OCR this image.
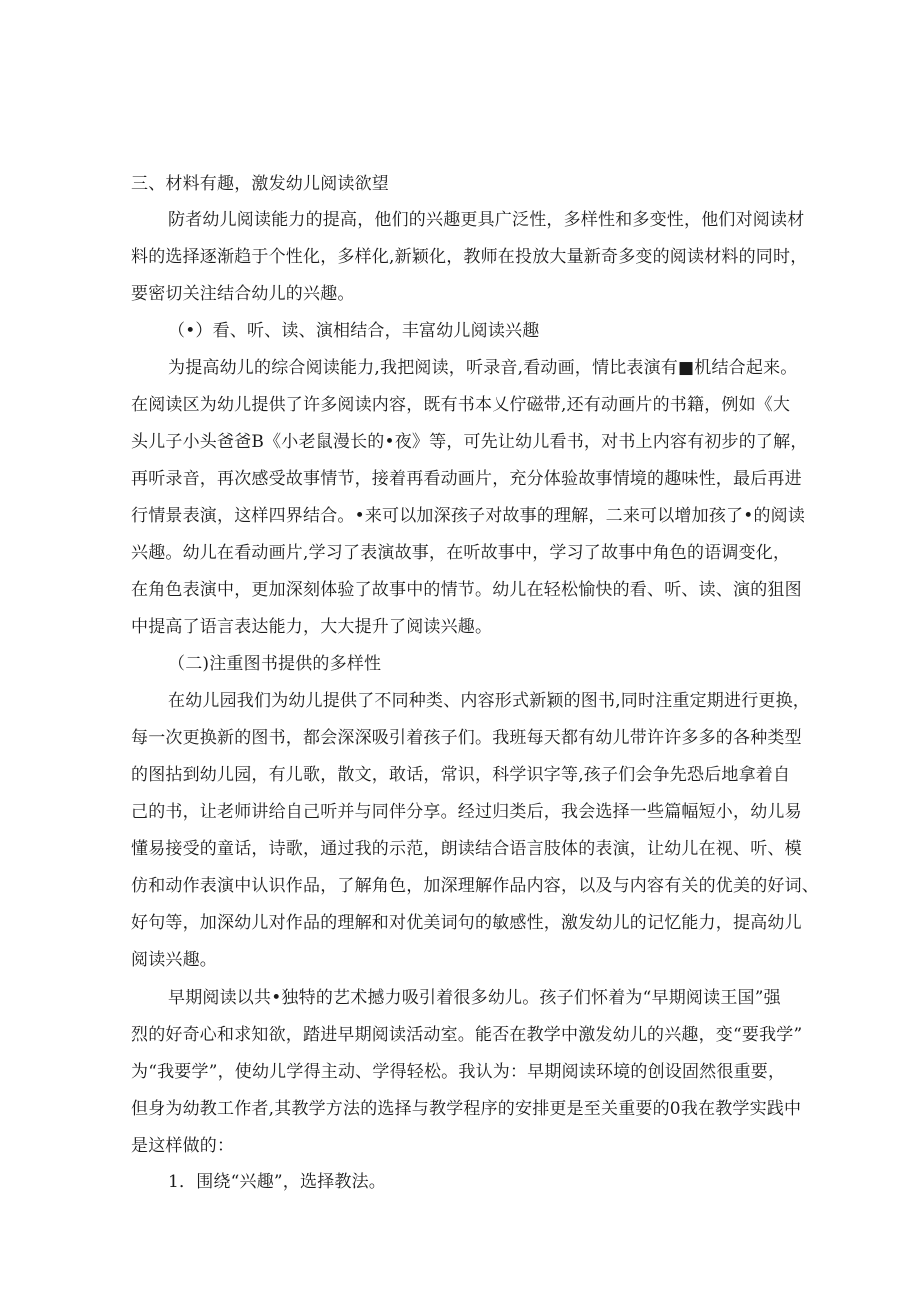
三、材料有趣，激发幼儿阅读欲望
防者幼儿阅读能力的提高，他们的兴趣更具广泛性，多样性和多变性，他们对阅读材
料的选择逐渐趋于个性化，多样化,新颖化，教师在投放大量新奇多变的阅读材料的同时，
要密切关注结合幼儿的兴趣。
（•）看、听、读、演相结合，丰富幼儿阅读兴趣
为提高幼儿的综合阅读能力,我把阅读，听录音,看动画，情比表演有■机结合起来。
在阅读区为幼儿提供了许多阅读内容，既有书本乂佇磁带,还有动画片的书籍，例如《大
头儿子小头爸爸B《小老鼠漫长的•夜》等，可先让幼儿看书，对书上内容有初步的了解，
再听录音，再次感受故事情节，接着再看动画片，充分体验故事情境的趣味性，最后再进
行情景表演，这样四界结合。•来可以加深孩子对故事的理解，二来可以增加孩了•的阅读
兴趣。幼儿在看动画片,学习了表演故事，在听故事中，学习了故事中角色的语调变化，
在角色表演中，更加深刻体验了故事中的情节。幼儿在轻松愉快的看、听、读、演的狙图
中提高了语言表达能力，大大提升了阅读兴趣。
（二)注重图书提供的多样性
在幼儿园我们为幼儿提供了不同种类、内容形式新颖的图书,同时注重定期进行更换，
每一次更换新的图书，都会深深吸引着孩子们。我班每天都有幼儿带许许多多的各种类型
的图拈到幼儿园，有儿歌，散文，敢话，常识，科学识字等,孩子们会争先恐后地拿着自
己的书，让老师讲给自己听并与同伴分享。经过归类后，我会选择一些篇幅短小，幼儿易
懂易接受的童话，诗歌，通过我的示范，朗读结合语言肢体的表演，让幼儿在视、听、模
仿和动作表演中认识作品，了解角色，加深理解作品内容，以及与内容有关的优美的好词、
好句等，加深幼儿对作品的理解和对优美词句的敏感性，激发幼儿的记忆能力，提高幼儿
阅读兴趣。
早期阅读以共•独特的艺术撼力吸引着很多幼儿。孩子们怀着为“早期阅读王国”强
烈的好奇心和求知欲，踏进早期阅读活动室。能否在教学中激发幼儿的兴趣，变“要我学”
为“我要学”，使幼儿学得主动、学得轻松。我认为：早期阅读环境的创设固然很重要，
但身为幼教工作者,其教学方法的选择与教学程序的安排更是至关重要的0我在教学实践中
是这样做的：
1．围绕“兴趣”，选择教法。
